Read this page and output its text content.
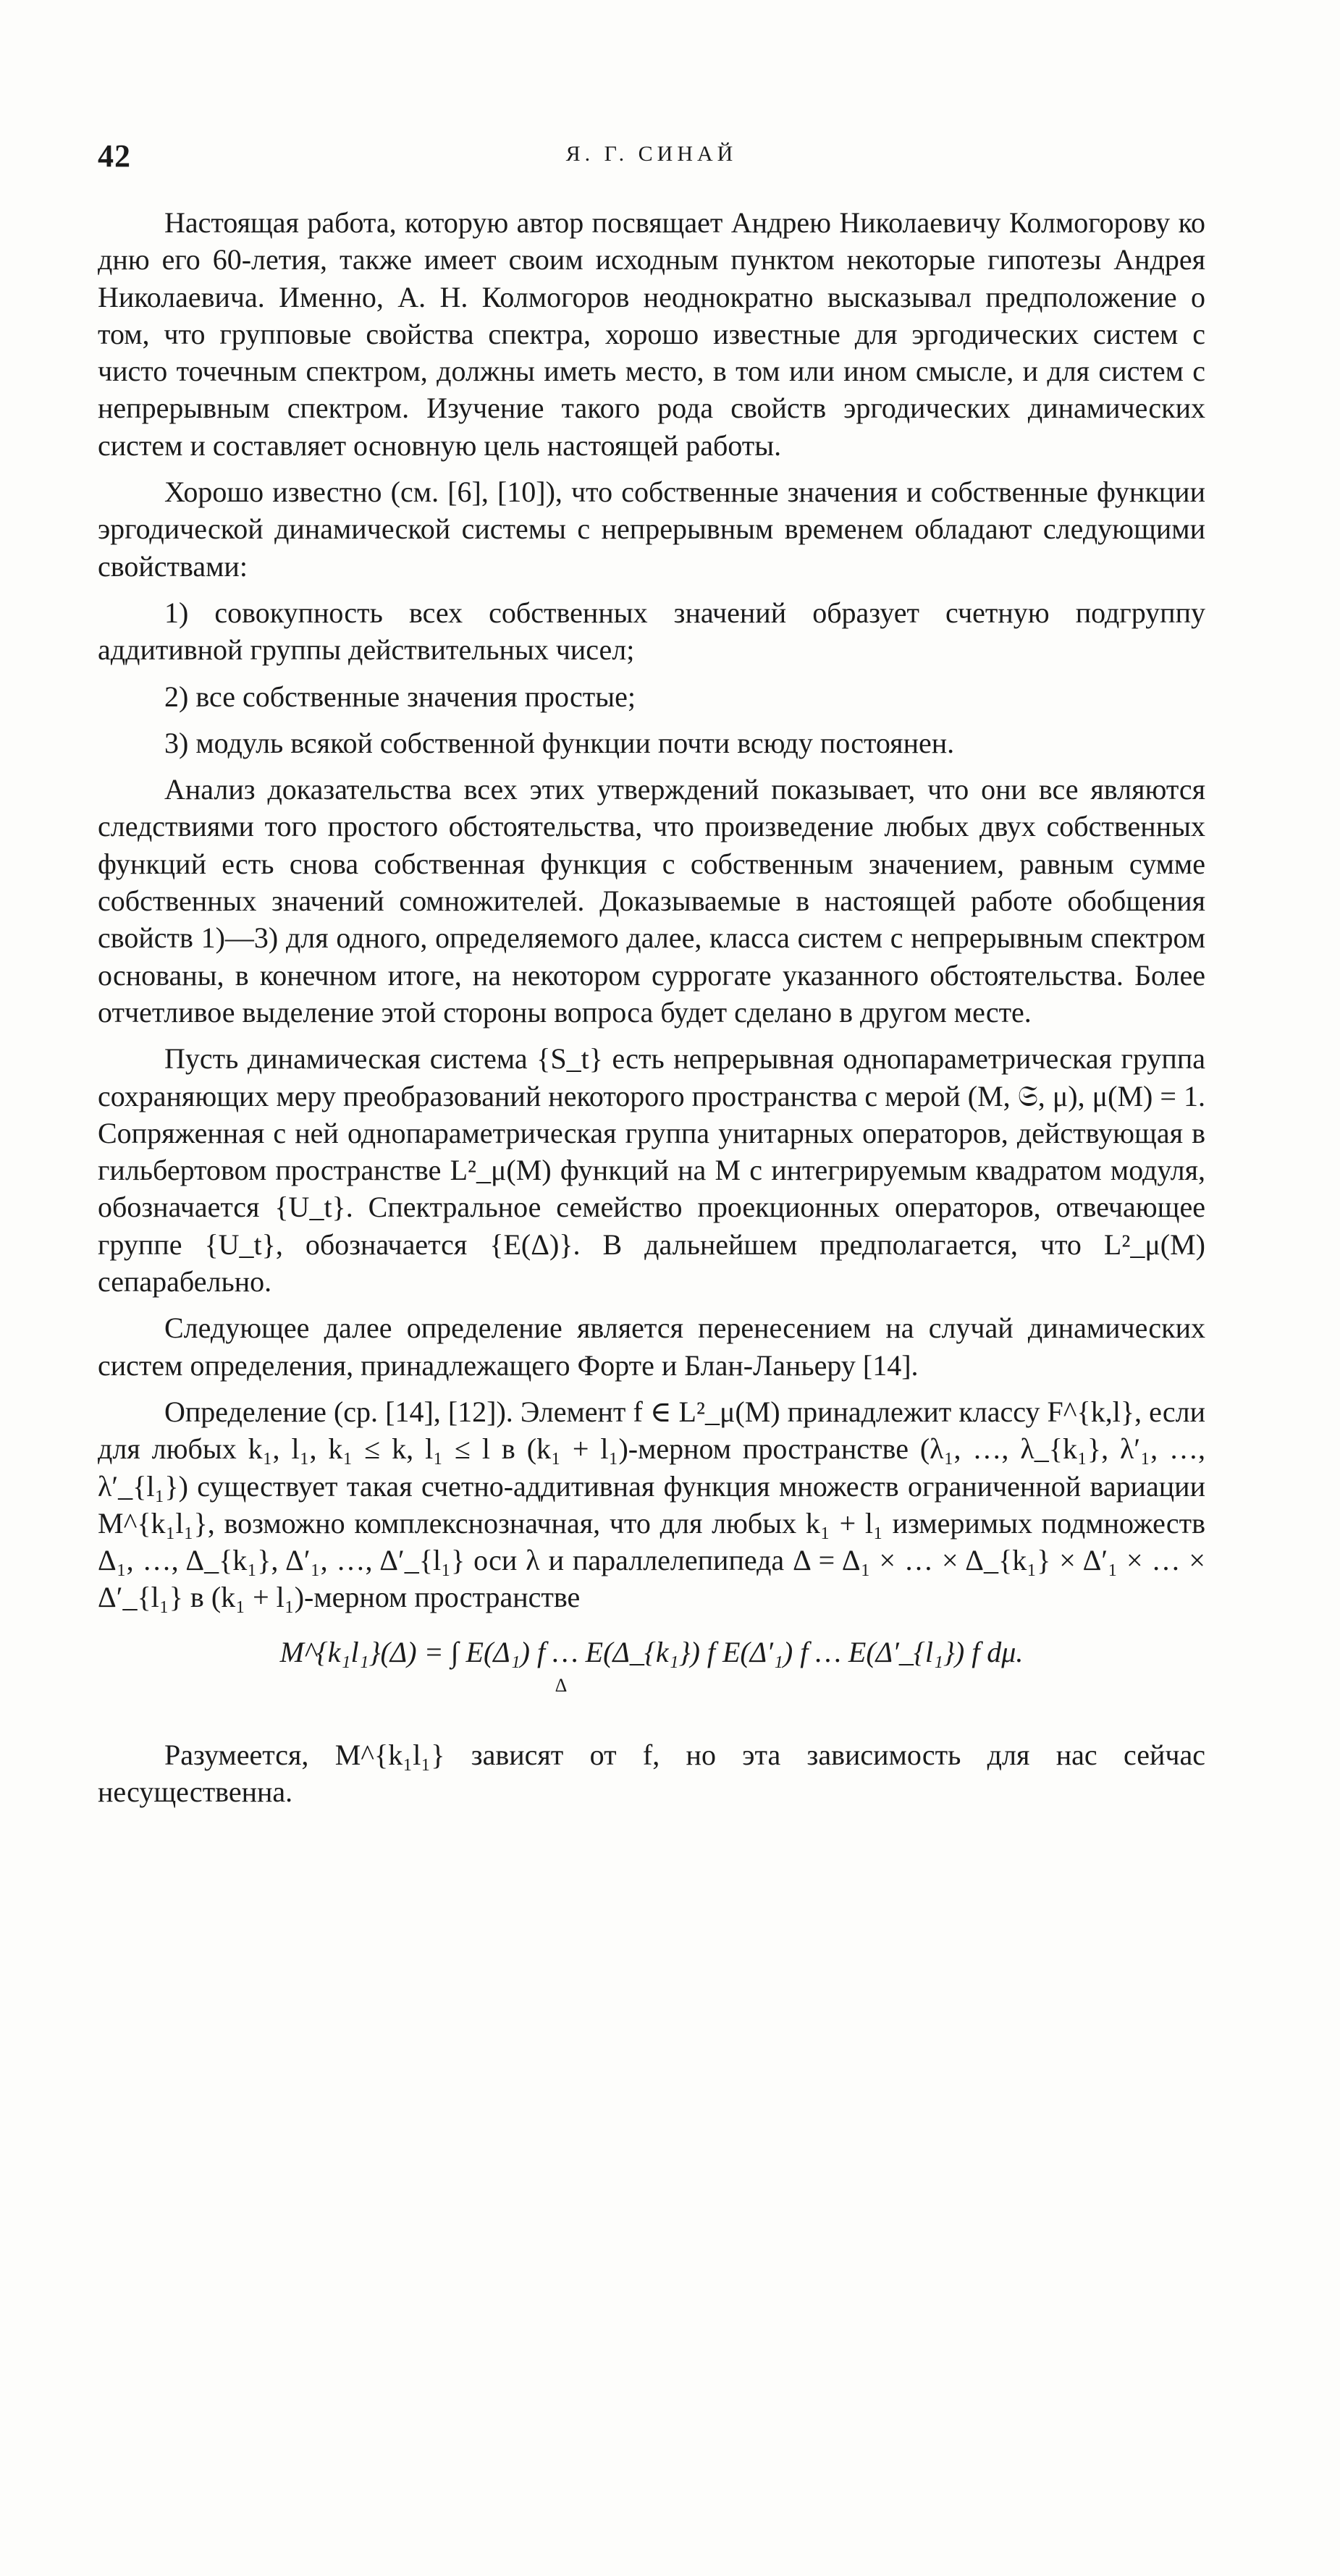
42	Я. Г. СИНАЙ

Настоящая работа, которую автор посвящает Андрею Николаевичу Колмогорову ко дню его 60-летия, также имеет своим исходным пунктом некоторые гипотезы Андрея Николаевича. Именно, А. Н. Колмогоров неоднократно высказывал предположение о том, что групповые свойства спектра, хорошо известные для эргодических систем с чисто точечным спектром, должны иметь место, в том или ином смысле, и для систем с непрерывным спектром. Изучение такого рода свойств эргодических динамических систем и составляет основную цель настоящей работы.

Хорошо известно (см. [6], [10]), что собственные значения и собственные функции эргодической динамической системы с непрерывным временем обладают следующими свойствами:

1) совокупность всех собственных значений образует счетную подгруппу аддитивной группы действительных чисел;

2) все собственные значения простые;

3) модуль всякой собственной функции почти всюду постоянен.

Анализ доказательства всех этих утверждений показывает, что они все являются следствиями того простого обстоятельства, что произведение любых двух собственных функций есть снова собственная функция с собственным значением, равным сумме собственных значений сомножителей. Доказываемые в настоящей работе обобщения свойств 1)—3) для одного, определяемого далее, класса систем с непрерывным спектром основаны, в конечном итоге, на некотором суррогате указанного обстоятельства. Более отчетливое выделение этой стороны вопроса будет сделано в другом месте.

Пусть динамическая система {S_t} есть непрерывная однопараметрическая группа сохраняющих меру преобразований некоторого пространства с мерой (M, 𝔖, μ), μ(M) = 1. Сопряженная с ней однопараметрическая группа унитарных операторов, действующая в гильбертовом пространстве L²_μ(M) функций на M с интегрируемым квадратом модуля, обозначается {U_t}. Спектральное семейство проекционных операторов, отвечающее группе {U_t}, обозначается {E(Δ)}. В дальнейшем предполагается, что L²_μ(M) сепарабельно.

Следующее далее определение является перенесением на случай динамических систем определения, принадлежащего Форте и Блан-Ланьеру [14].

Определение (ср. [14], [12]). Элемент f ∈ L²_μ(M) принадлежит классу F^{k,l}, если для любых k₁, l₁, k₁ ≤ k, l₁ ≤ l в (k₁ + l₁)-мерном пространстве (λ₁, …, λ_{k₁}, λ′₁, …, λ′_{l₁}) существует такая счетно-аддитивная функция множеств ограниченной вариации M^{k₁l₁}, возможно комплекснозначная, что для любых k₁ + l₁ измеримых подмножеств Δ₁, …, Δ_{k₁}, Δ′₁, …, Δ′_{l₁} оси λ и параллелепипеда Δ = Δ₁ × … × Δ_{k₁} × Δ′₁ × … × Δ′_{l₁} в (k₁ + l₁)-мерном пространстве

M^{k₁l₁}(Δ) = ∫ E(Δ₁) f … E(Δ_{k₁}) f E(Δ′₁) f … E(Δ′_{l₁}) f dμ.
Δ

Разумеется, M^{k₁l₁} зависят от f, но эта зависимость для нас сейчас несущественна.
